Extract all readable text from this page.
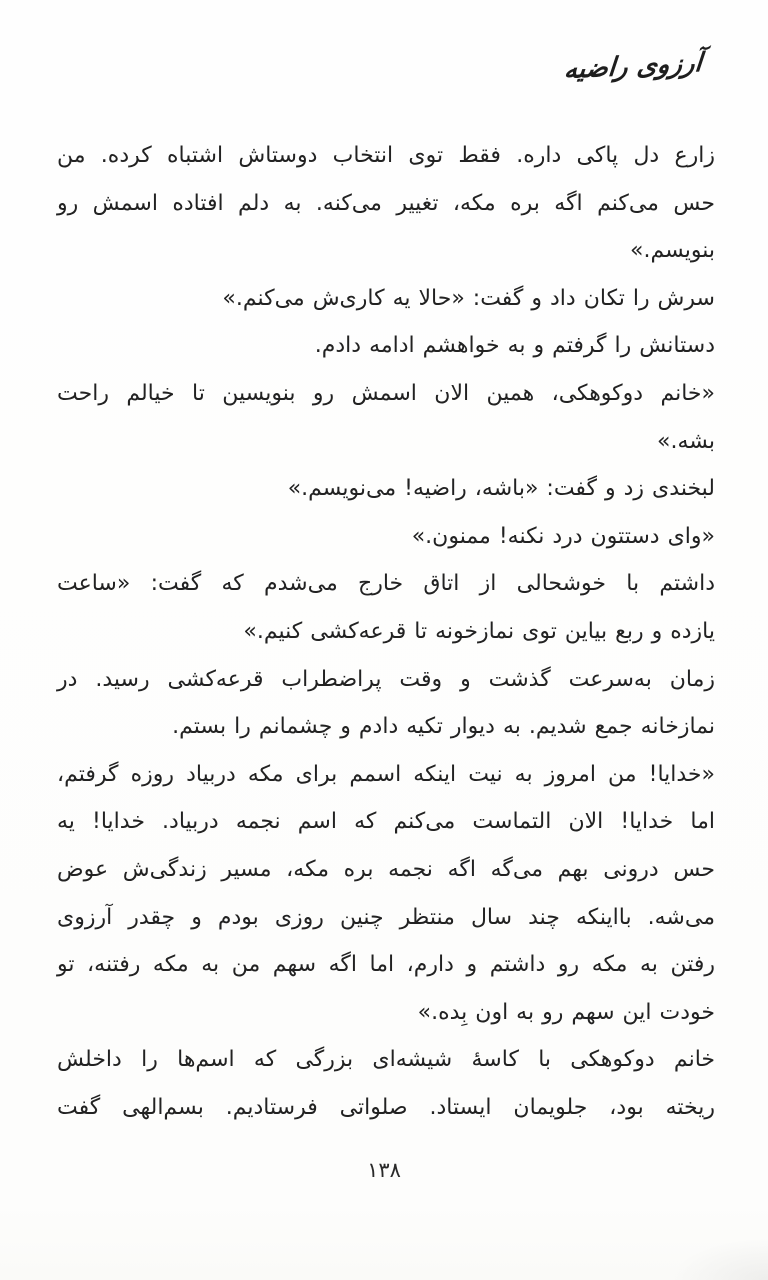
آرزوی راضیه
زارع دل پاکی داره. فقط توی انتخاب دوستاش اشتباه کرده. من
حس می‌کنم اگه بره مکه، تغییر می‌کنه. به دلم افتاده اسمش رو
بنویسم.»
سرش را تکان داد و گفت: «حالا یه کاری‌ش می‌کنم.»
دستانش را گرفتم و به خواهشم ادامه دادم.
«خانم دوکوهکی، همین الان اسمش رو بنویسین تا خیالم راحت
بشه.»
لبخندی زد و گفت: «باشه، راضیه! می‌نویسم.»
«وای دستتون درد نکنه! ممنون.»
داشتم با خوشحالی از اتاق خارج می‌شدم که گفت: «ساعت
یازده و ربع بیاین توی نمازخونه تا قرعه‌کشی کنیم.»
زمان به‌سرعت گذشت و وقت پراضطراب قرعه‌کشی رسید. در
نمازخانه جمع شدیم. به دیوار تکیه دادم و چشمانم را بستم.
«خدایا! من امروز به نیت اینکه اسمم برای مکه دربیاد روزه گرفتم،
اما خدایا! الان التماست می‌کنم که اسم نجمه دربیاد. خدایا! یه
حس درونی بهم می‌گه اگه نجمه بره مکه، مسیر زندگی‌ش عوض
می‌شه. بااینکه چند سال منتظر چنین روزی بودم و چقدر آرزوی
رفتن به مکه رو داشتم و دارم، اما اگه سهم من به مکه رفتنه، تو
خودت این سهم رو به اون بِده.»
خانم دوکوهکی با کاسهٔ شیشه‌ای بزرگی که اسم‌ها را داخلش
ریخته بود، جلویمان ایستاد. صلواتی فرستادیم. بسم‌الهی گفت
۱۳۸
